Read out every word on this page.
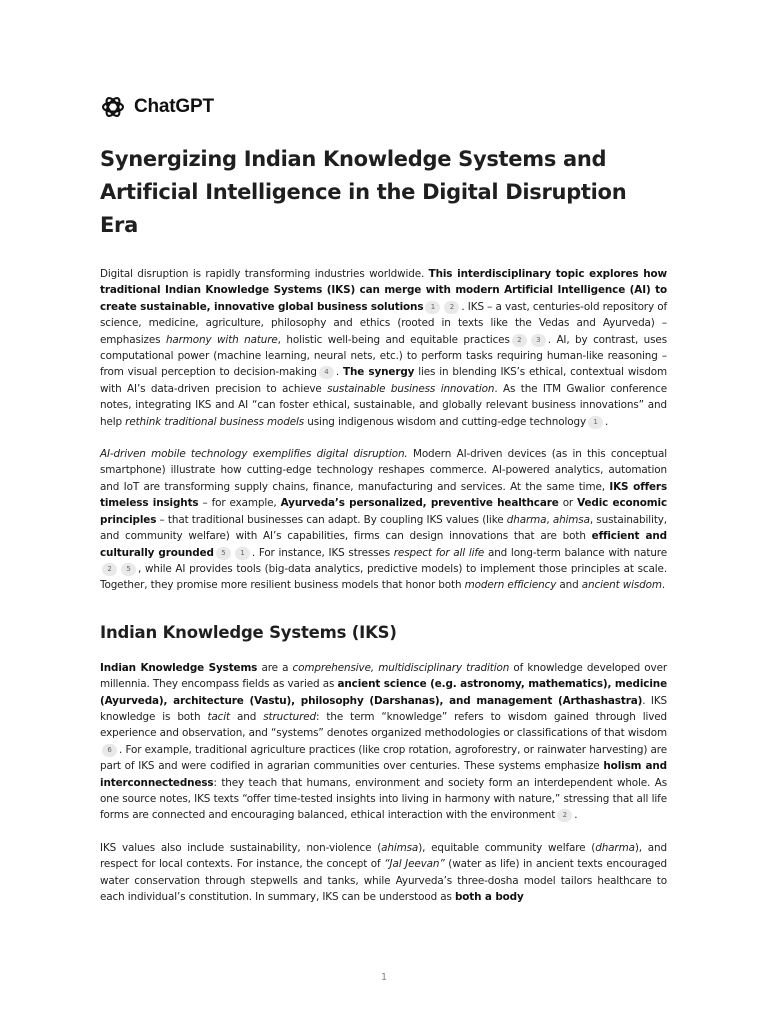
ChatGPT
Synergizing Indian Knowledge Systems and Artificial Intelligence in the Digital Disruption Era

Digital disruption is rapidly transforming industries worldwide. This interdisciplinary topic explores how traditional Indian Knowledge Systems (IKS) can merge with modern Artificial Intelligence (AI) to create sustainable, innovative global business solutions 1 2 . IKS – a vast, centuries-old repository of science, medicine, agriculture, philosophy and ethics (rooted in texts like the Vedas and Ayurveda) – emphasizes harmony with nature, holistic well-being and equitable practices 2 3 . AI, by contrast, uses computational power (machine learning, neural nets, etc.) to perform tasks requiring human-like reasoning – from visual perception to decision-making 4 . The synergy lies in blending IKS’s ethical, contextual wisdom with AI’s data-driven precision to achieve sustainable business innovation. As the ITM Gwalior conference notes, integrating IKS and AI “can foster ethical, sustainable, and globally relevant business innovations” and help rethink traditional business models using indigenous wisdom and cutting-edge technology 1 .

AI-driven mobile technology exemplifies digital disruption. Modern AI-driven devices (as in this conceptual smartphone) illustrate how cutting-edge technology reshapes commerce. AI-powered analytics, automation and IoT are transforming supply chains, finance, manufacturing and services. At the same time, IKS offers timeless insights – for example, Ayurveda’s personalized, preventive healthcare or Vedic economic principles – that traditional businesses can adapt. By coupling IKS values (like dharma, ahimsa, sustainability, and community welfare) with AI’s capabilities, firms can design innovations that are both efficient and culturally grounded 5 1 . For instance, IKS stresses respect for all life and long-term balance with nature2 5 , while AI provides tools (big-data analytics, predictive models) to implement those principles at scale. Together, they promise more resilient business models that honor both modern efficiency and ancient wisdom.

Indian Knowledge Systems (IKS)

Indian Knowledge Systems are a comprehensive, multidisciplinary tradition of knowledge developed over millennia. They encompass fields as varied as ancient science (e.g. astronomy, mathematics), medicine (Ayurveda), architecture (Vastu), philosophy (Darshanas), and management (Arthashastra). IKS knowledge is both tacit and structured: the term “knowledge” refers to wisdom gained through lived experience and observation, and “systems” denotes organized methodologies or classifications of that wisdom6 . For example, traditional agriculture practices (like crop rotation, agroforestry, or rainwater harvesting) are part of IKS and were codified in agrarian communities over centuries. These systems emphasize holism and interconnectedness: they teach that humans, environment and society form an interdependent whole. As one source notes, IKS texts “offer time-tested insights into living in harmony with nature,” stressing that all life forms are connected and encouraging balanced, ethical interaction with the environment 2 .

IKS values also include sustainability, non-violence (ahimsa), equitable community welfare (dharma), and respect for local contexts. For instance, the concept of “Jal Jeevan” (water as life) in ancient texts encouraged water conservation through stepwells and tanks, while Ayurveda’s three-dosha model tailors healthcare to each individual’s constitution. In summary, IKS can be understood as both a body

1
